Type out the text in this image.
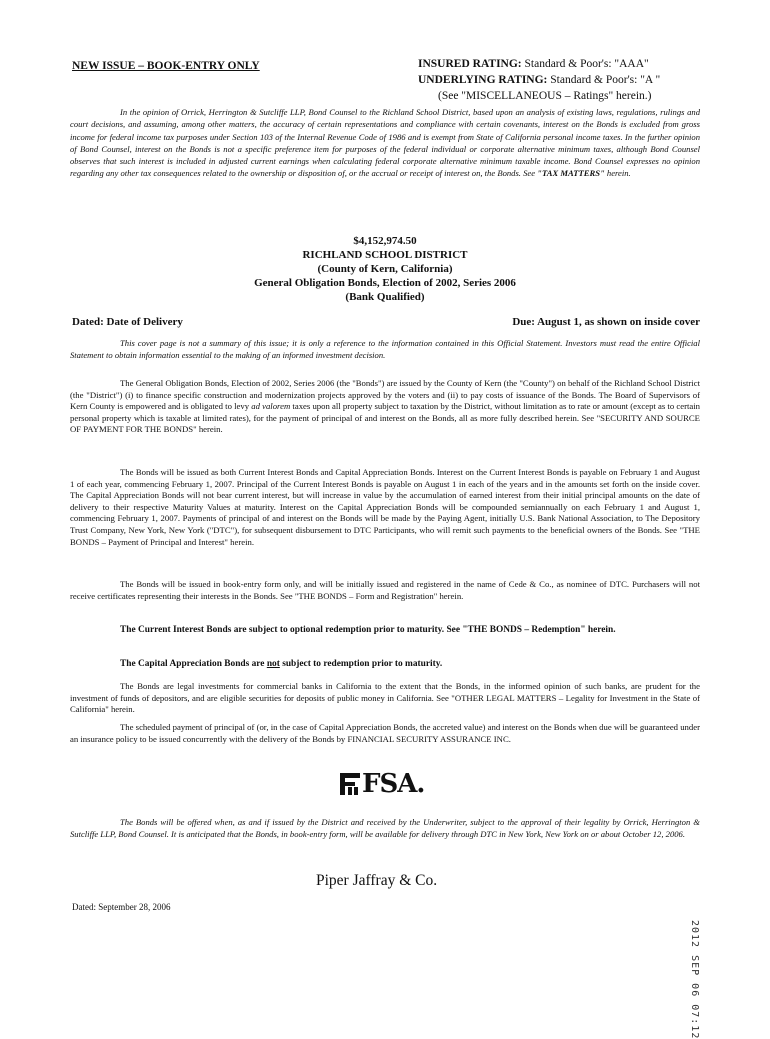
NEW ISSUE – BOOK-ENTRY ONLY	INSURED RATING: Standard & Poor's: "AAA"
UNDERLYING RATING: Standard & Poor's: "A "
(See "MISCELLANEOUS – Ratings" herein.)
In the opinion of Orrick, Herrington & Sutcliffe LLP, Bond Counsel to the Richland School District, based upon an analysis of existing laws, regulations, rulings and court decisions, and assuming, among other matters, the accuracy of certain representations and compliance with certain covenants, interest on the Bonds is excluded from gross income for federal income tax purposes under Section 103 of the Internal Revenue Code of 1986 and is exempt from State of California personal income taxes. In the further opinion of Bond Counsel, interest on the Bonds is not a specific preference item for purposes of the federal individual or corporate alternative minimum taxes, although Bond Counsel observes that such interest is included in adjusted current earnings when calculating federal corporate alternative minimum taxable income. Bond Counsel expresses no opinion regarding any other tax consequences related to the ownership or disposition of, or the accrual or receipt of interest on, the Bonds. See "TAX MATTERS" herein.
$4,152,974.50
RICHLAND SCHOOL DISTRICT
(County of Kern, California)
General Obligation Bonds, Election of 2002, Series 2006
(Bank Qualified)
Dated: Date of Delivery	Due: August 1, as shown on inside cover
This cover page is not a summary of this issue; it is only a reference to the information contained in this Official Statement. Investors must read the entire Official Statement to obtain information essential to the making of an informed investment decision.
The General Obligation Bonds, Election of 2002, Series 2006 (the "Bonds") are issued by the County of Kern (the "County") on behalf of the Richland School District (the "District") (i) to finance specific construction and modernization projects approved by the voters and (ii) to pay costs of issuance of the Bonds. The Board of Supervisors of Kern County is empowered and is obligated to levy ad valorem taxes upon all property subject to taxation by the District, without limitation as to rate or amount (except as to certain personal property which is taxable at limited rates), for the payment of principal of and interest on the Bonds, all as more fully described herein. See "SECURITY AND SOURCE OF PAYMENT FOR THE BONDS" herein.
The Bonds will be issued as both Current Interest Bonds and Capital Appreciation Bonds. Interest on the Current Interest Bonds is payable on February 1 and August 1 of each year, commencing February 1, 2007. Principal of the Current Interest Bonds is payable on August 1 in each of the years and in the amounts set forth on the inside cover. The Capital Appreciation Bonds will not bear current interest, but will increase in value by the accumulation of earned interest from their initial principal amounts on the date of delivery to their respective Maturity Values at maturity. Interest on the Capital Appreciation Bonds will be compounded semiannually on each February 1 and August 1, commencing February 1, 2007. Payments of principal of and interest on the Bonds will be made by the Paying Agent, initially U.S. Bank National Association, to The Depository Trust Company, New York, New York ("DTC"), for subsequent disbursement to DTC Participants, who will remit such payments to the beneficial owners of the Bonds. See "THE BONDS – Payment of Principal and Interest" herein.
The Bonds will be issued in book-entry form only, and will be initially issued and registered in the name of Cede & Co., as nominee of DTC. Purchasers will not receive certificates representing their interests in the Bonds. See "THE BONDS – Form and Registration" herein.
The Current Interest Bonds are subject to optional redemption prior to maturity. See "THE BONDS – Redemption" herein.
The Capital Appreciation Bonds are not subject to redemption prior to maturity.
The Bonds are legal investments for commercial banks in California to the extent that the Bonds, in the informed opinion of such banks, are prudent for the investment of funds of depositors, and are eligible securities for deposits of public money in California. See "OTHER LEGAL MATTERS – Legality for Investment in the State of California" herein.
The scheduled payment of principal of (or, in the case of Capital Appreciation Bonds, the accreted value) and interest on the Bonds when due will be guaranteed under an insurance policy to be issued concurrently with the delivery of the Bonds by FINANCIAL SECURITY ASSURANCE INC.
FSA.
The Bonds will be offered when, as and if issued by the District and received by the Underwriter, subject to the approval of their legality by Orrick, Herrington & Sutcliffe LLP, Bond Counsel. It is anticipated that the Bonds, in book-entry form, will be available for delivery through DTC in New York, New York on or about October 12, 2006.
Piper Jaffray & Co.
Dated: September 28, 2006
2012 SEP 06 07:12
